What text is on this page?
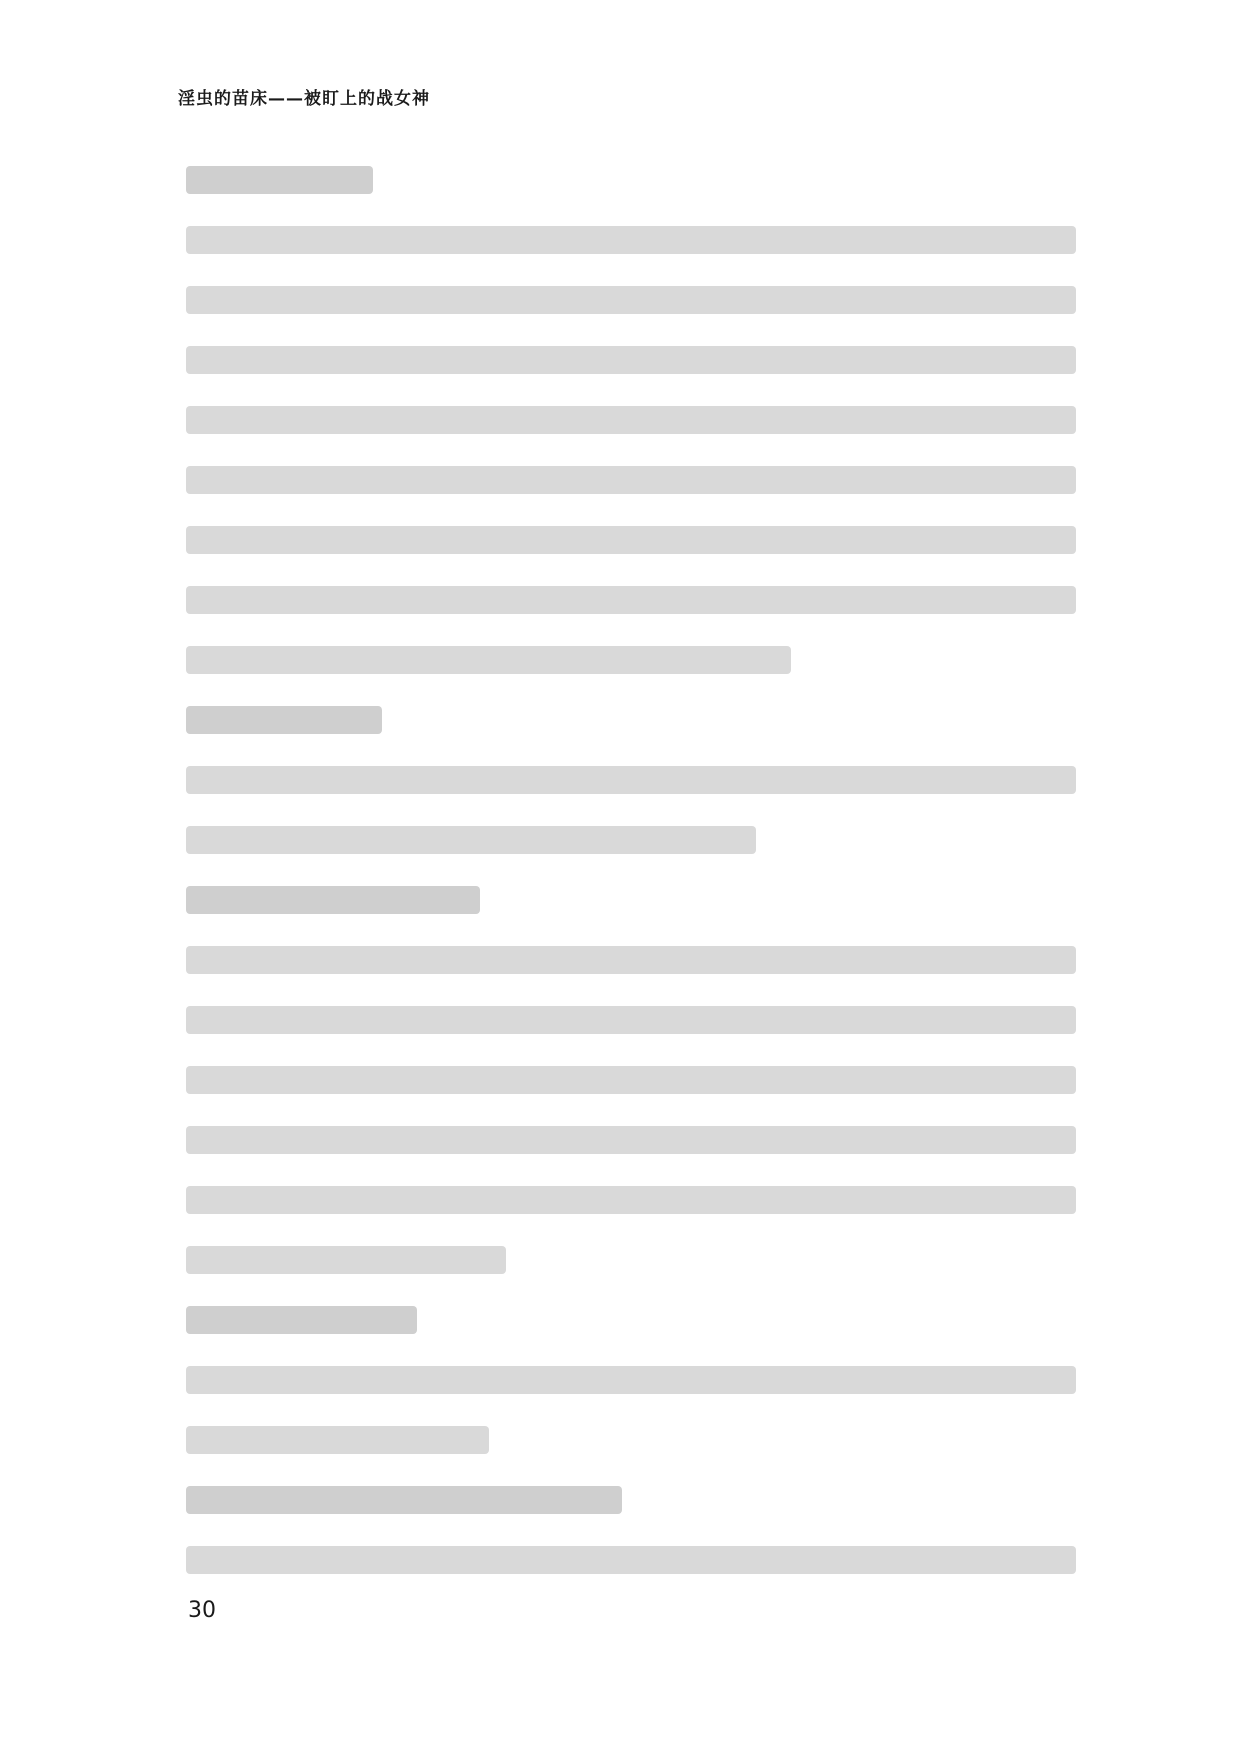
淫虫的苗床——被盯上的战女神
30
